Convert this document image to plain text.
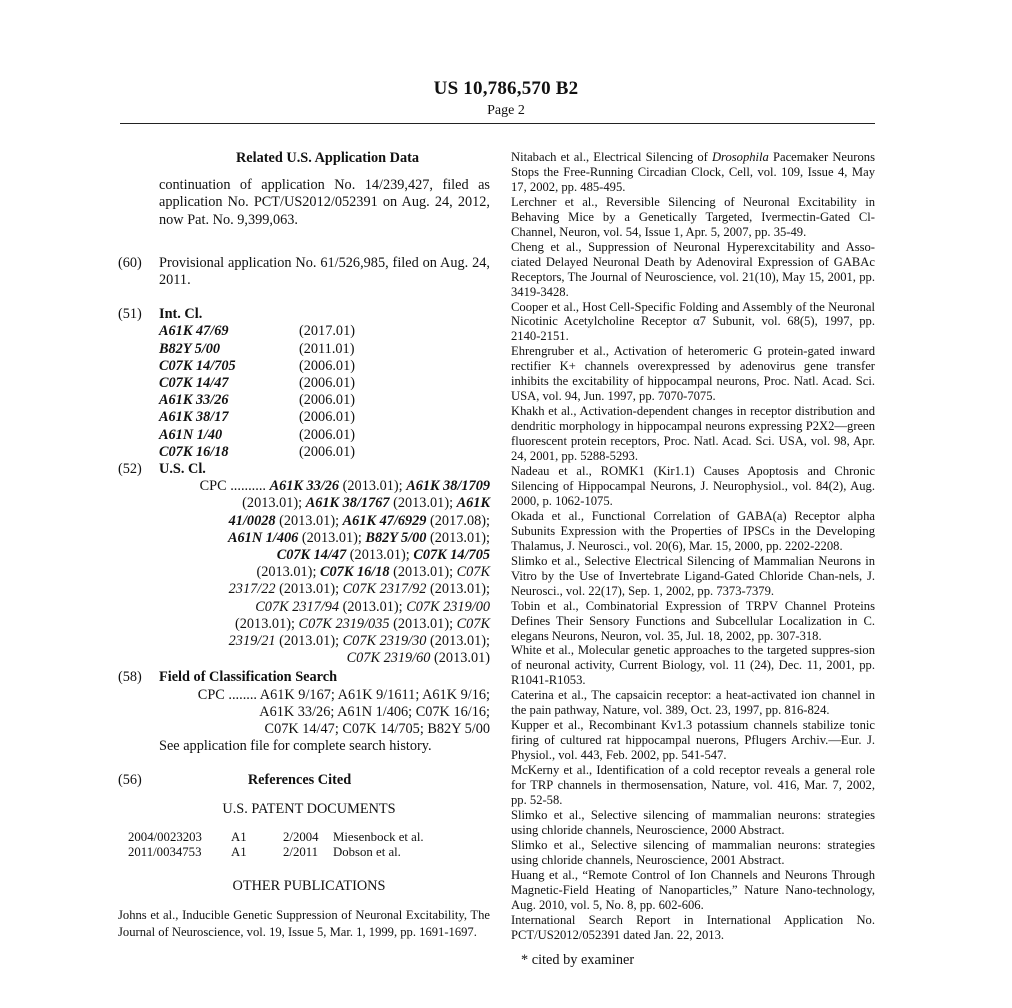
US 10,786,570 B2
Page 2
Related U.S. Application Data
continuation of application No. 14/239,427, filed as application No. PCT/US2012/052391 on Aug. 24, 2012, now Pat. No. 9,399,063.
(60)	Provisional application No. 61/526,985, filed on Aug. 24, 2011.
(51)	Int. Cl.
A61K 47/69	(2017.01)
B82Y 5/00	(2011.01)
C07K 14/705	(2006.01)
C07K 14/47	(2006.01)
A61K 33/26	(2006.01)
A61K 38/17	(2006.01)
A61N 1/40	(2006.01)
C07K 16/18	(2006.01)
(52)	U.S. Cl.
CPC .......... A61K 33/26 (2013.01); A61K 38/1709
(2013.01); A61K 38/1767 (2013.01); A61K
41/0028 (2013.01); A61K 47/6929 (2017.08);
A61N 1/406 (2013.01); B82Y 5/00 (2013.01);
C07K 14/47 (2013.01); C07K 14/705
(2013.01); C07K 16/18 (2013.01); C07K
2317/22 (2013.01); C07K 2317/92 (2013.01);
C07K 2317/94 (2013.01); C07K 2319/00
(2013.01); C07K 2319/035 (2013.01); C07K
2319/21 (2013.01); C07K 2319/30 (2013.01);
C07K 2319/60 (2013.01)
(58)	Field of Classification Search
CPC ........ A61K 9/167; A61K 9/1611; A61K 9/16;
A61K 33/26; A61N 1/406; C07K 16/16;
C07K 14/47; C07K 14/705; B82Y 5/00
See application file for complete search history.
(56)	References Cited
U.S. PATENT DOCUMENTS
2004/0023203	A1	2/2004	Miesenbock et al.
2011/0034753	A1	2/2011	Dobson et al.
OTHER PUBLICATIONS
Johns et al., Inducible Genetic Suppression of Neuronal Excitability, The Journal of Neuroscience, vol. 19, Issue 5, Mar. 1, 1999, pp. 1691-1697.
Nitabach et al., Electrical Silencing of Drosophila Pacemaker Neurons Stops the Free-Running Circadian Clock, Cell, vol. 109, Issue 4, May 17, 2002, pp. 485-495.
Lerchner et al., Reversible Silencing of Neuronal Excitability in Behaving Mice by a Genetically Targeted, Ivermectin-Gated Cl- Channel, Neuron, vol. 54, Issue 1, Apr. 5, 2007, pp. 35-49.
Cheng et al., Suppression of Neuronal Hyperexcitability and Asso-ciated Delayed Neuronal Death by Adenoviral Expression of GABAc Receptors, The Journal of Neuroscience, vol. 21(10), May 15, 2001, pp. 3419-3428.
Cooper et al., Host Cell-Specific Folding and Assembly of the Neuronal Nicotinic Acetylcholine Receptor α7 Subunit, vol. 68(5), 1997, pp. 2140-2151.
Ehrengruber et al., Activation of heteromeric G protein-gated inward rectifier K+ channels overexpressed by adenovirus gene transfer inhibits the excitability of hippocampal neurons, Proc. Natl. Acad. Sci. USA, vol. 94, Jun. 1997, pp. 7070-7075.
Khakh et al., Activation-dependent changes in receptor distribution and dendritic morphology in hippocampal neurons expressing P2X2—green fluorescent protein receptors, Proc. Natl. Acad. Sci. USA, vol. 98, Apr. 24, 2001, pp. 5288-5293.
Nadeau et al., ROMK1 (Kir1.1) Causes Apoptosis and Chronic Silencing of Hippocampal Neurons, J. Neurophysiol., vol. 84(2), Aug. 2000, p. 1062-1075.
Okada et al., Functional Correlation of GABA(a) Receptor alpha Subunits Expression with the Properties of IPSCs in the Developing Thalamus, J. Neurosci., vol. 20(6), Mar. 15, 2000, pp. 2202-2208.
Slimko et al., Selective Electrical Silencing of Mammalian Neurons in Vitro by the Use of Invertebrate Ligand-Gated Chloride Chan-nels, J. Neurosci., vol. 22(17), Sep. 1, 2002, pp. 7373-7379.
Tobin et al., Combinatorial Expression of TRPV Channel Proteins Defines Their Sensory Functions and Subcellular Localization in C. elegans Neurons, Neuron, vol. 35, Jul. 18, 2002, pp. 307-318.
White et al., Molecular genetic approaches to the targeted suppres-sion of neuronal activity, Current Biology, vol. 11 (24), Dec. 11, 2001, pp. R1041-R1053.
Caterina et al., The capsaicin receptor: a heat-activated ion channel in the pain pathway, Nature, vol. 389, Oct. 23, 1997, pp. 816-824.
Kupper et al., Recombinant Kv1.3 potassium channels stabilize tonic firing of cultured rat hippocampal nuerons, Pflugers Archiv.—Eur. J. Physiol., vol. 443, Feb. 2002, pp. 541-547.
McKerny et al., Identification of a cold receptor reveals a general role for TRP channels in thermosensation, Nature, vol. 416, Mar. 7, 2002, pp. 52-58.
Slimko et al., Selective silencing of mammalian neurons: strategies using chloride channels, Neuroscience, 2000 Abstract.
Slimko et al., Selective silencing of mammalian neurons: strategies using chloride channels, Neuroscience, 2001 Abstract.
Huang et al., “Remote Control of Ion Channels and Neurons Through Magnetic-Field Heating of Nanoparticles,” Nature Nano-technology, Aug. 2010, vol. 5, No. 8, pp. 602-606.
International Search Report in International Application No. PCT/US2012/052391 dated Jan. 22, 2013.
* cited by examiner
